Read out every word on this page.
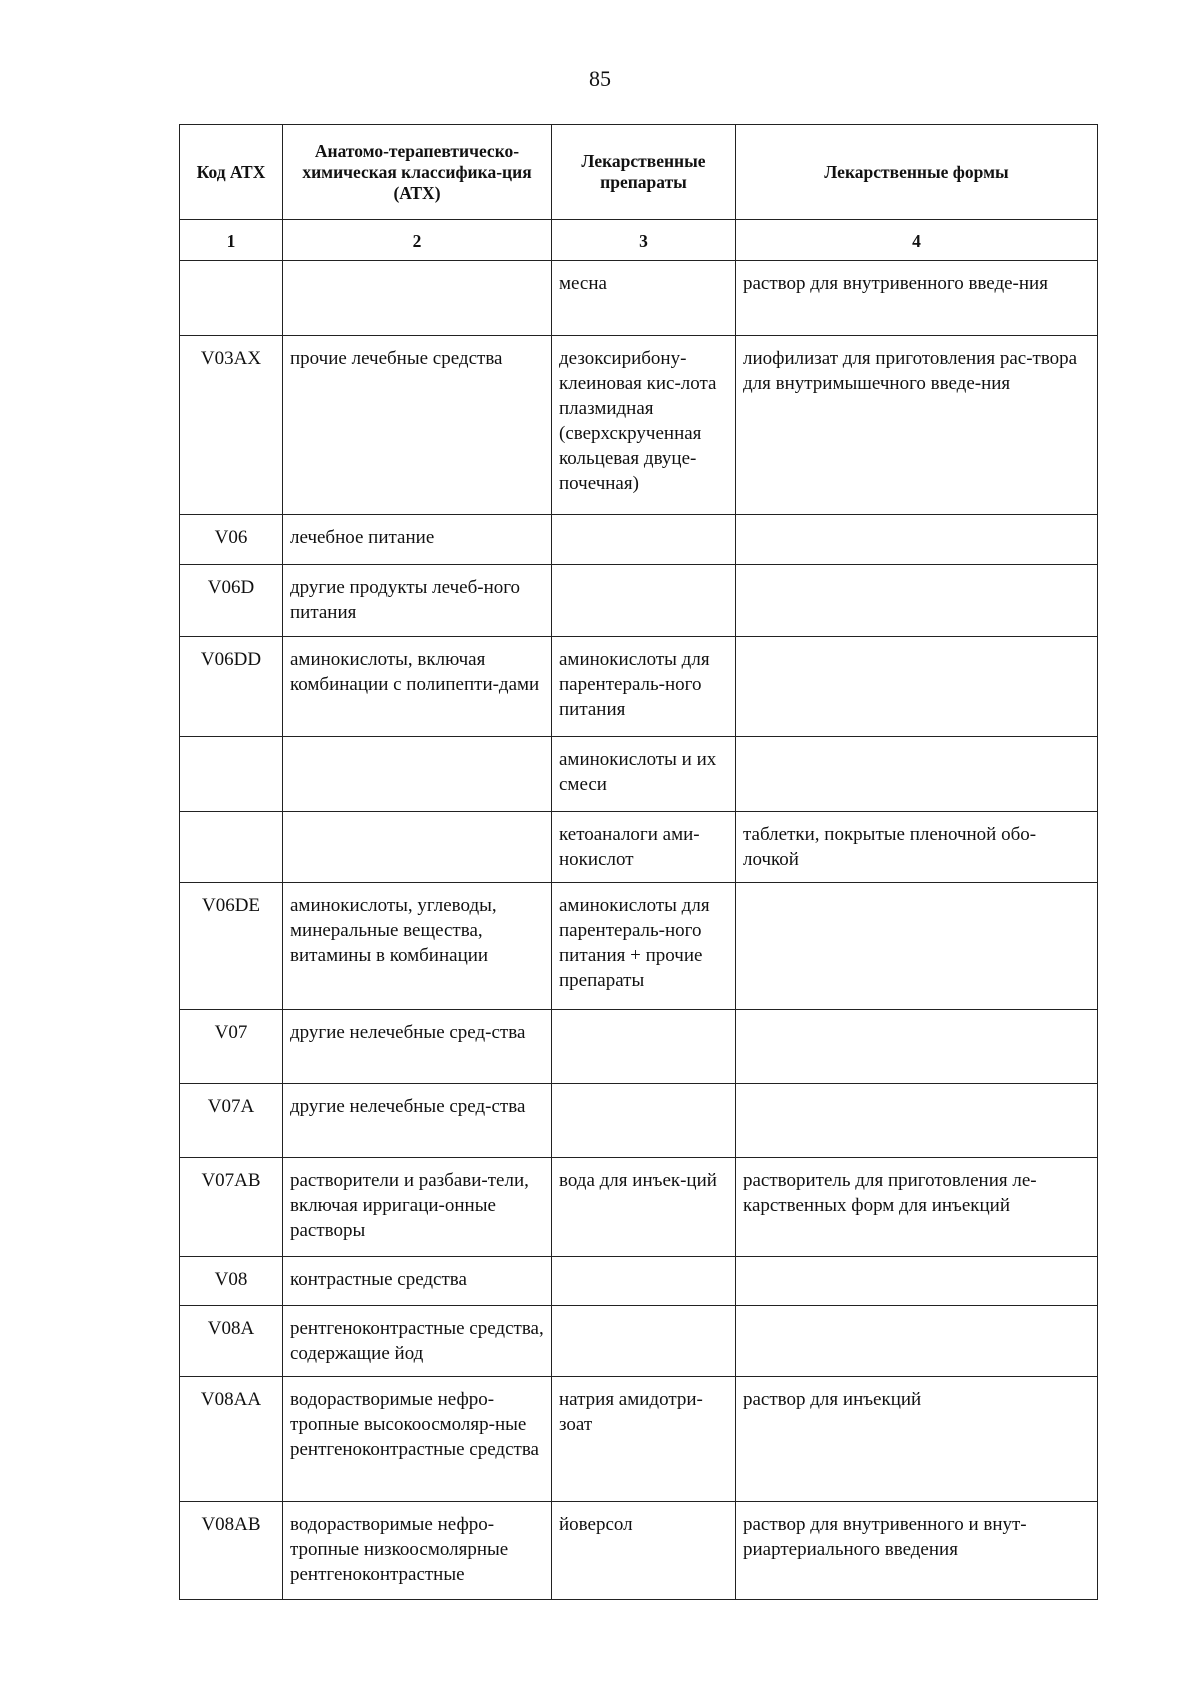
85
Код АТХ	Анатомо-терапевтическо-химическая классифика-ция (АТХ)	Лекарственные препараты	Лекарственные формы
1	2	3	4
		месна	раствор для внутривенного введе-ния
V03AX	прочие лечебные средства	дезоксирибону-клеиновая кис-лота плазмидная (сверхскрученная кольцевая двуце-почечная)	лиофилизат для приготовления рас-твора для внутримышечного введе-ния
V06	лечебное питание		
V06D	другие продукты лечеб-ного питания		
V06DD	аминокислоты, включая комбинации с полипепти-дами	аминокислоты для парентераль-ного питания	
		аминокислоты и их смеси	
		кетоаналоги ами-нокислот	таблетки, покрытые пленочной обо-лочкой
V06DE	аминокислоты, углеводы, минеральные вещества, витамины в комбинации	аминокислоты для парентераль-ного питания + прочие препараты	
V07	другие нелечебные сред-ства		
V07A	другие нелечебные сред-ства		
V07AB	растворители и разбави-тели, включая ирригаци-онные растворы	вода для инъек-ций	растворитель для приготовления ле-карственных форм для инъекций
V08	контрастные средства		
V08A	рентгеноконтрастные средства, содержащие йод		
V08AA	водорастворимые нефро-тропные высокоосмоляр-ные рентгеноконтрастные средства	натрия амидотри-зоат	раствор для инъекций
V08AB	водорастворимые нефро-тропные низкоосмолярные рентгеноконтрастные	йоверсол	раствор для внутривенного и внут-риартериального введения
